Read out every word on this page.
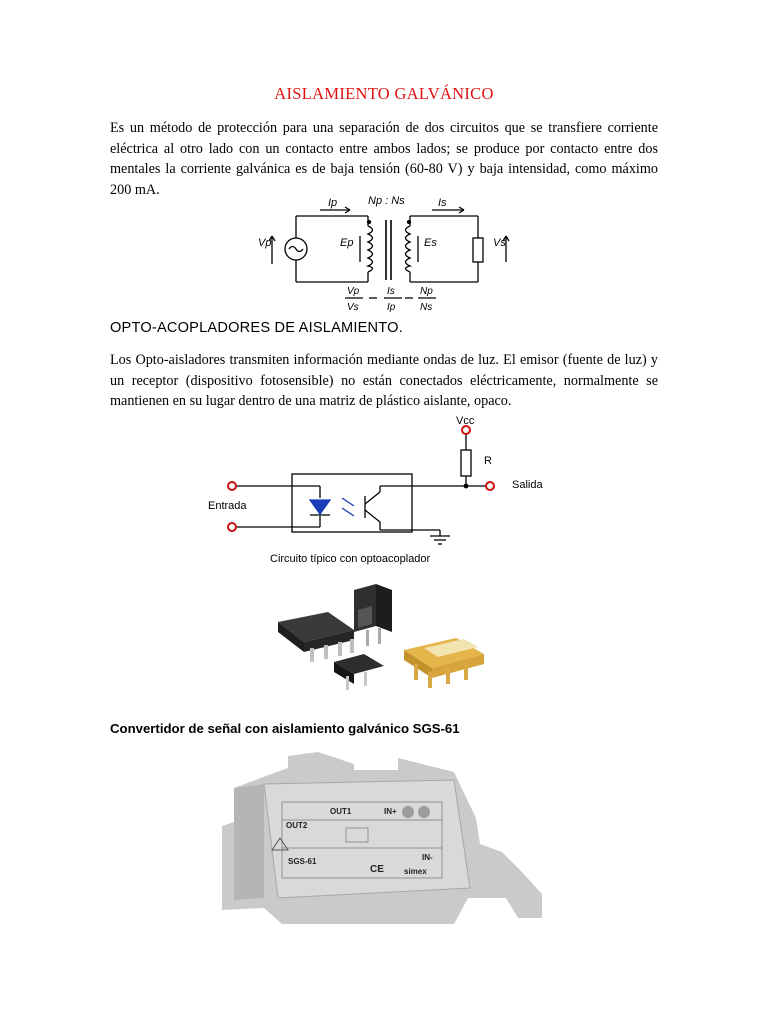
AISLAMIENTO GALVÁNICO

Es un método de protección para una separación de dos circuitos que se transfiere corriente eléctrica al otro lado con un contacto entre ambos lados; se produce por contacto entre dos mentales la corriente galvánica es de baja tensión (60-80 V) y baja intensidad, como máximo 200 mA.

Vp	Ep
Ip	Np : Ns	Is
Es	Vs
Vp
Vs
Is
Ip
Np
Ns
OPTO-ACOPLADORES DE AISLAMIENTO.

Los Opto-aisladores transmiten información mediante ondas de luz. El emisor (fuente de luz) y un receptor (dispositivo fotosensible) no están conectados eléctricamente, normalmente se mantienen en su lugar dentro de una matriz de plástico aislante, opaco.

Vcc
R
Salida
Entrada
Circuito típico con optoacoplador
Convertidor de señal con aislamiento galvánico SGS-61
OUT1
OUT2
IN+
IN-
SGS-61
simex
CE
